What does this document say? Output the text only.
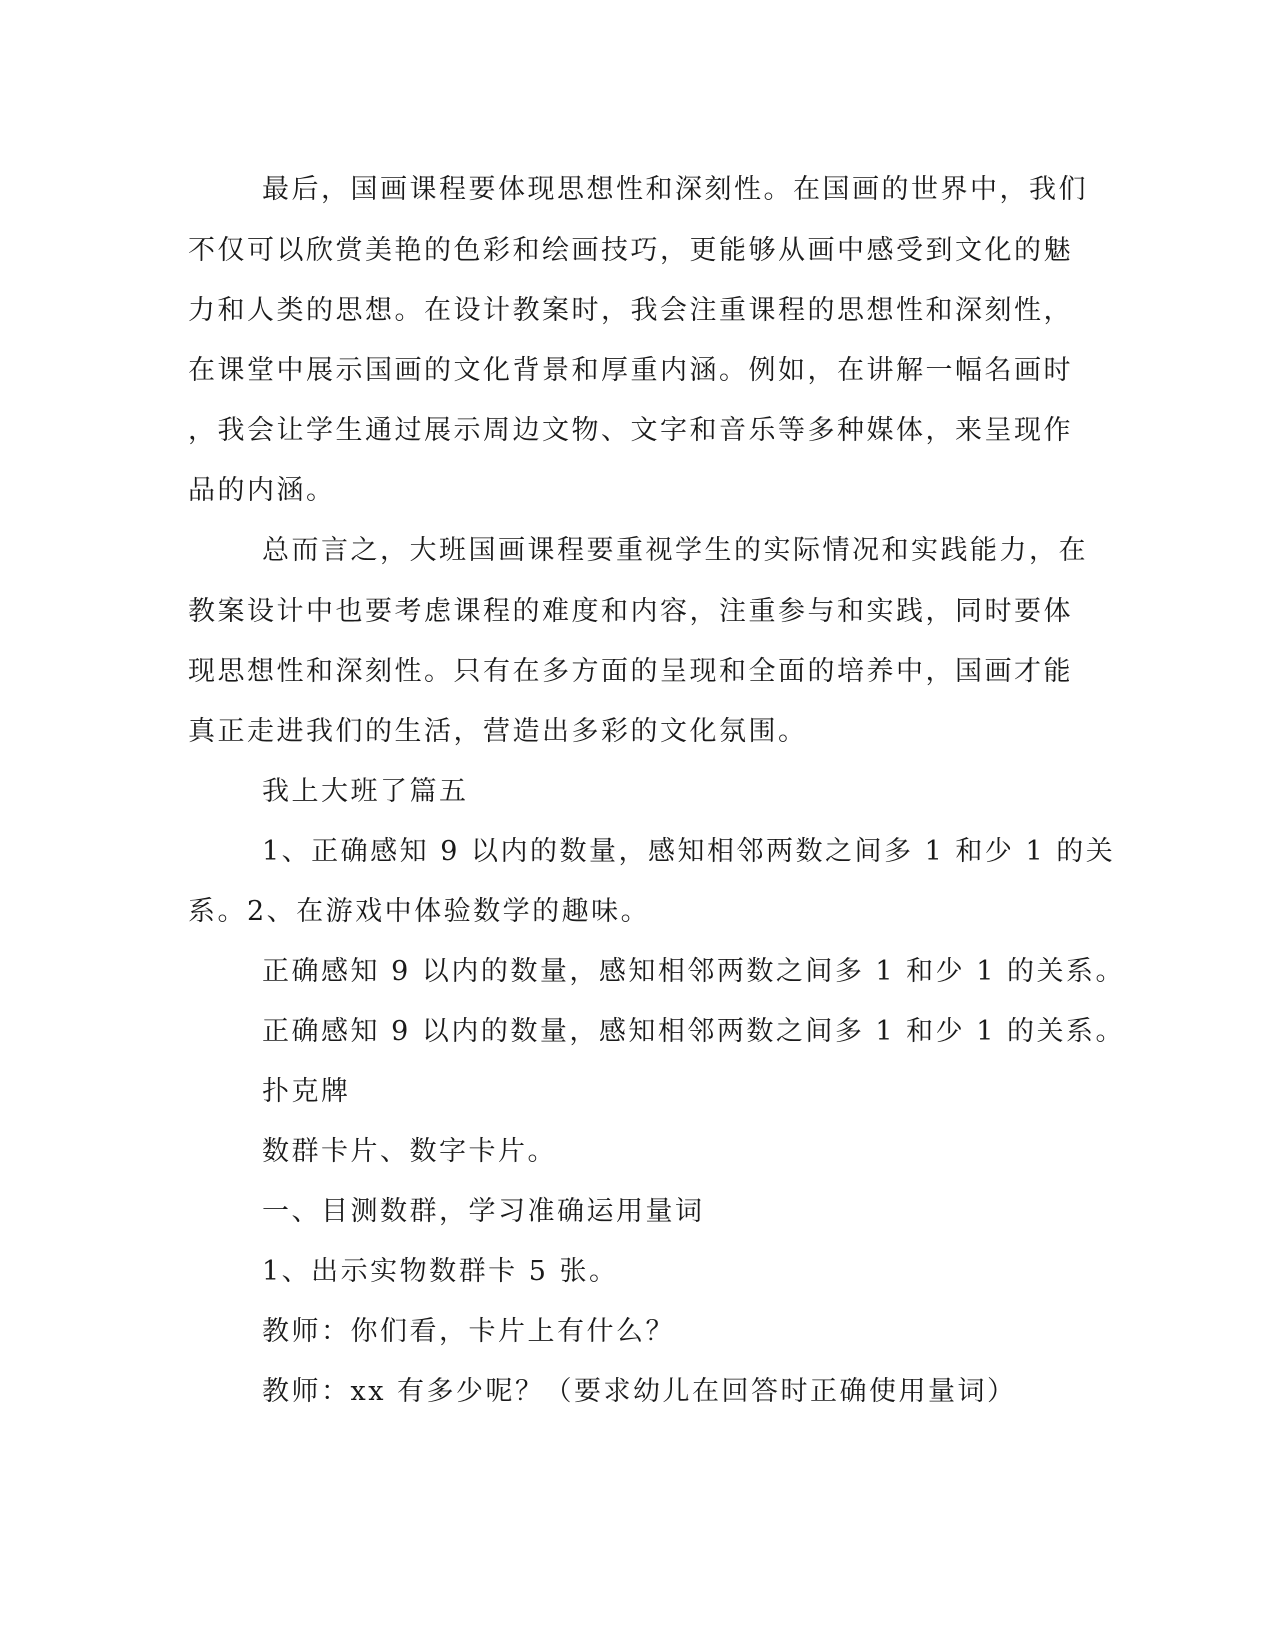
最后，国画课程要体现思想性和深刻性。在国画的世界中，我们
不仅可以欣赏美艳的色彩和绘画技巧，更能够从画中感受到文化的魅
力和人类的思想。在设计教案时，我会注重课程的思想性和深刻性，
在课堂中展示国画的文化背景和厚重内涵。例如，在讲解一幅名画时
，我会让学生通过展示周边文物、文字和音乐等多种媒体，来呈现作
品的内涵。
总而言之，大班国画课程要重视学生的实际情况和实践能力，在
教案设计中也要考虑课程的难度和内容，注重参与和实践，同时要体
现思想性和深刻性。只有在多方面的呈现和全面的培养中，国画才能
真正走进我们的生活，营造出多彩的文化氛围。
我上大班了篇五
1、正确感知 9 以内的数量，感知相邻两数之间多 1 和少 1 的关
系。2、在游戏中体验数学的趣味。
正确感知 9 以内的数量，感知相邻两数之间多 1 和少 1 的关系。
正确感知 9 以内的数量，感知相邻两数之间多 1 和少 1 的关系。
扑克牌
数群卡片、数字卡片。
一、目测数群，学习准确运用量词
1、出示实物数群卡 5 张。
教师：你们看，卡片上有什么？
教师：xx 有多少呢？（要求幼儿在回答时正确使用量词）
